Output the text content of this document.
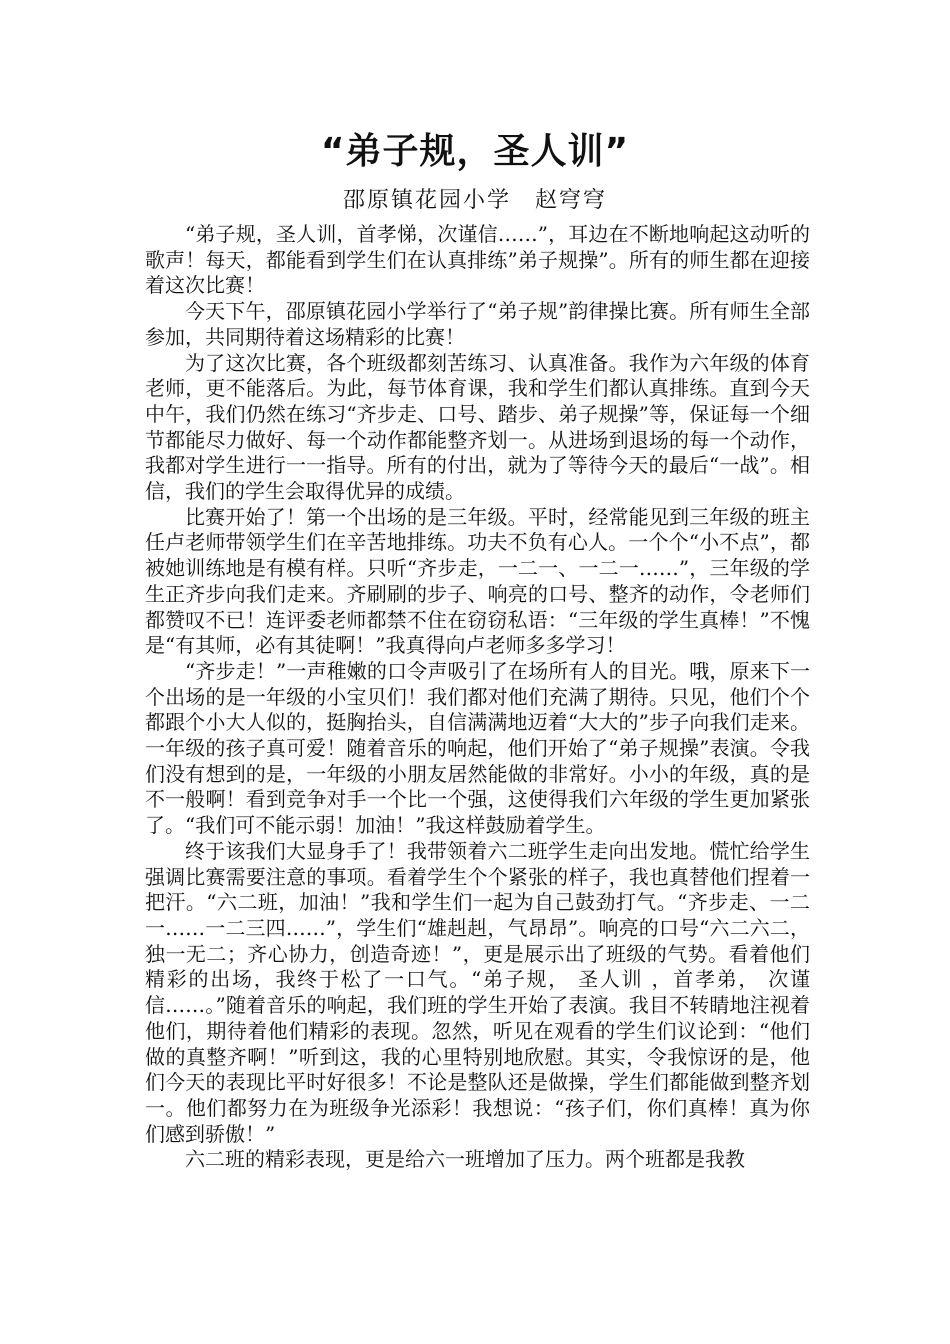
“弟子规，圣人训”
邵原镇花园小学　赵穹穹

“弟子规，圣人训，首孝悌，次谨信……”，耳边在不断地响起这动听的歌声！每天，都能看到学生们在认真排练”弟子规操”。所有的师生都在迎接着这次比赛！

今天下午，邵原镇花园小学举行了“弟子规”韵律操比赛。所有师生全部参加，共同期待着这场精彩的比赛！

为了这次比赛，各个班级都刻苦练习、认真准备。我作为六年级的体育老师，更不能落后。为此，每节体育课，我和学生们都认真排练。直到今天中午，我们仍然在练习“齐步走、口号、踏步、弟子规操”等，保证每一个细节都能尽力做好、每一个动作都能整齐划一。从进场到退场的每一个动作，我都对学生进行一一指导。所有的付出，就为了等待今天的最后“一战”。相信，我们的学生会取得优异的成绩。

比赛开始了！第一个出场的是三年级。平时，经常能见到三年级的班主任卢老师带领学生们在辛苦地排练。功夫不负有心人。一个个“小不点”，都被她训练地是有模有样。只听“齐步走，一二一、一二一……”，三年级的学生正齐步向我们走来。齐刷刷的步子、响亮的口号、整齐的动作，令老师们都赞叹不已！连评委老师都禁不住在窃窃私语：“三年级的学生真棒！”不愧是“有其师，必有其徒啊！”我真得向卢老师多多学习！

“齐步走！”一声稚嫩的口令声吸引了在场所有人的目光。哦，原来下一个出场的是一年级的小宝贝们！我们都对他们充满了期待。只见，他们个个都跟个小大人似的，挺胸抬头，自信满满地迈着“大大的”步子向我们走来。一年级的孩子真可爱！随着音乐的响起，他们开始了“弟子规操”表演。令我们没有想到的是，一年级的小朋友居然能做的非常好。小小的年级，真的是不一般啊！看到竞争对手一个比一个强，这使得我们六年级的学生更加紧张了。“我们可不能示弱！加油！”我这样鼓励着学生。

终于该我们大显身手了！我带领着六二班学生走向出发地。慌忙给学生强调比赛需要注意的事项。看着学生个个紧张的样子，我也真替他们捏着一把汗。“六二班，加油！”我和学生们一起为自己鼓劲打气。“齐步走、一二一……一二三四……”，学生们“雄赳赳，气昂昂”。响亮的口号“六二六二，独一无二；齐心协力，创造奇迹！”，更是展示出了班级的气势。看着他们精彩的出场，我终于松了一口气。“弟子规， 圣人训 ，首孝弟， 次谨信……。”随着音乐的响起，我们班的学生开始了表演。我目不转睛地注视着他们，期待着他们精彩的表现。忽然，听见在观看的学生们议论到：“他们做的真整齐啊！”听到这，我的心里特别地欣慰。其实，令我惊讶的是，他们今天的表现比平时好很多！不论是整队还是做操，学生们都能做到整齐划一。他们都努力在为班级争光添彩！我想说：“孩子们，你们真棒！真为你们感到骄傲！”

六二班的精彩表现，更是给六一班增加了压力。两个班都是我教
